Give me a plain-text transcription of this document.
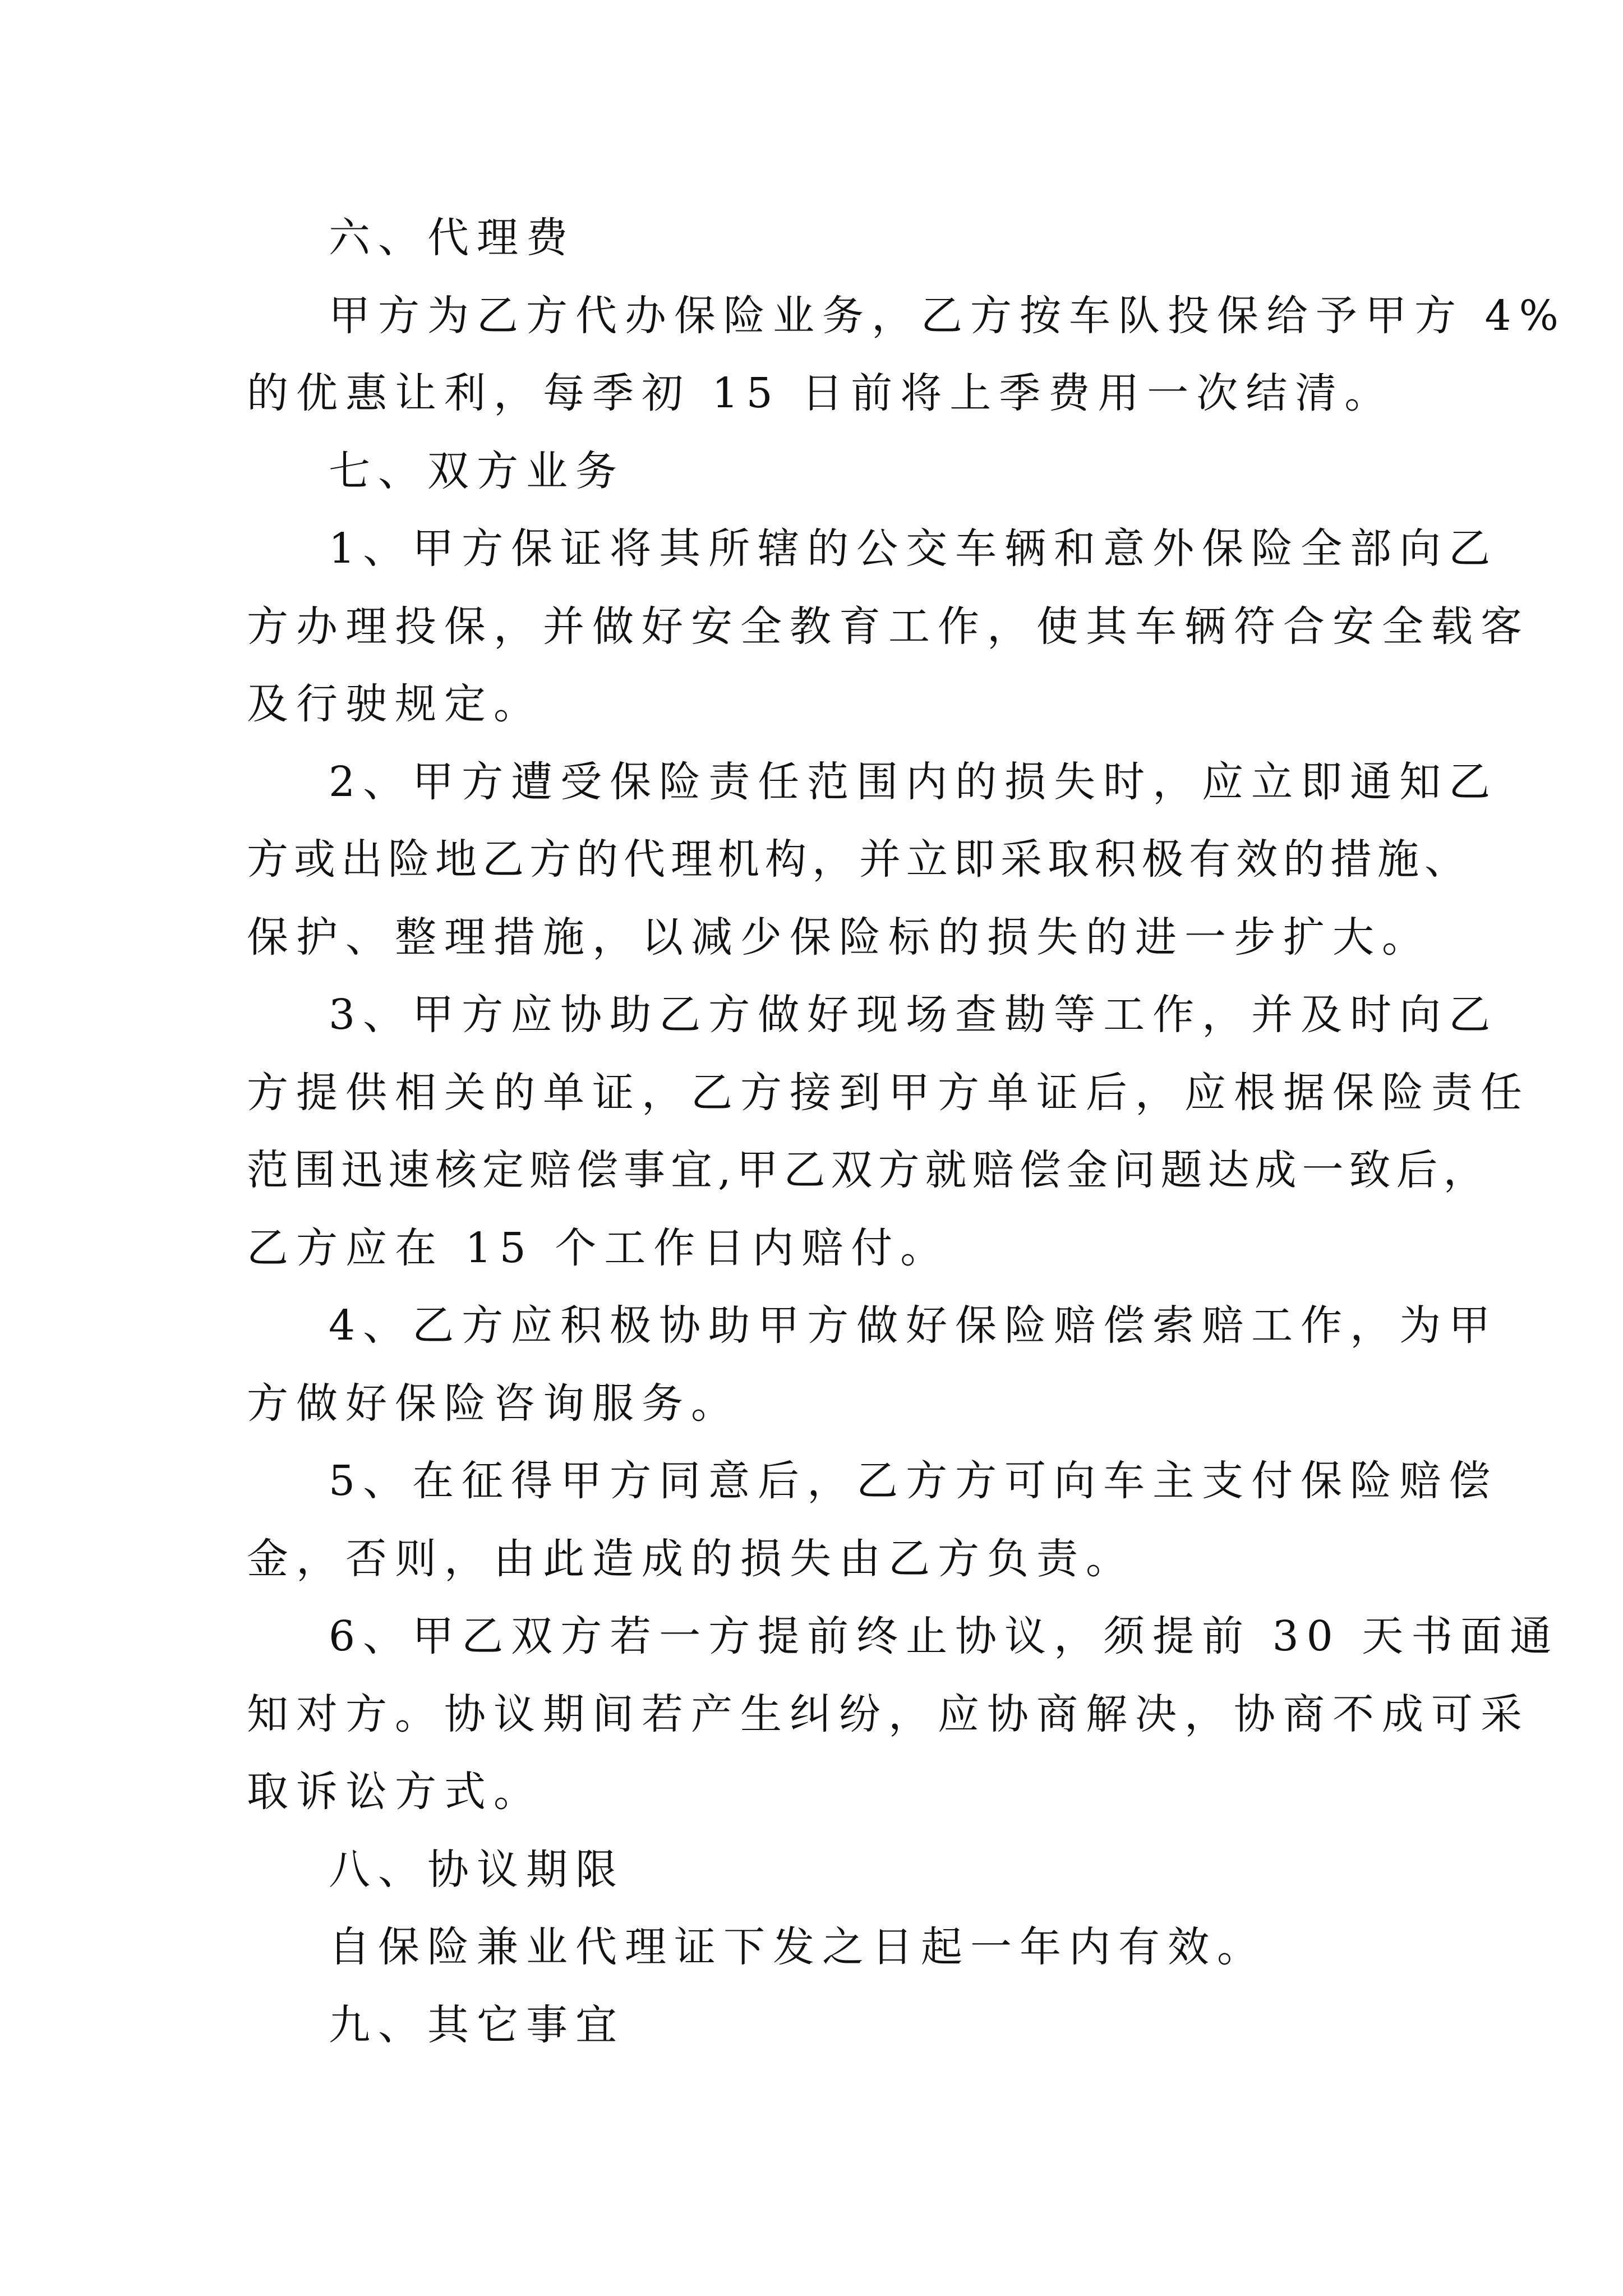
六、代理费

甲方为乙方代办保险业务，乙方按车队投保给予甲方 4%

的优惠让利，每季初 15 日前将上季费用一次结清。

七、双方业务

1、甲方保证将其所辖的公交车辆和意外保险全部向乙

方办理投保，并做好安全教育工作，使其车辆符合安全载客

及行驶规定。

2、甲方遭受保险责任范围内的损失时，应立即通知乙

方或出险地乙方的代理机构，并立即采取积极有效的措施、

保护、整理措施，以减少保险标的损失的进一步扩大。

3、甲方应协助乙方做好现场查勘等工作，并及时向乙

方提供相关的单证，乙方接到甲方单证后，应根据保险责任

范围迅速核定赔偿事宜,甲乙双方就赔偿金问题达成一致后，

乙方应在 15 个工作日内赔付。

4、乙方应积极协助甲方做好保险赔偿索赔工作，为甲

方做好保险咨询服务。

5、在征得甲方同意后，乙方方可向车主支付保险赔偿

金，否则，由此造成的损失由乙方负责。

6、甲乙双方若一方提前终止协议，须提前 30 天书面通

知对方。协议期间若产生纠纷，应协商解决，协商不成可采

取诉讼方式。

八、协议期限

自保险兼业代理证下发之日起一年内有效。

九、其它事宜
